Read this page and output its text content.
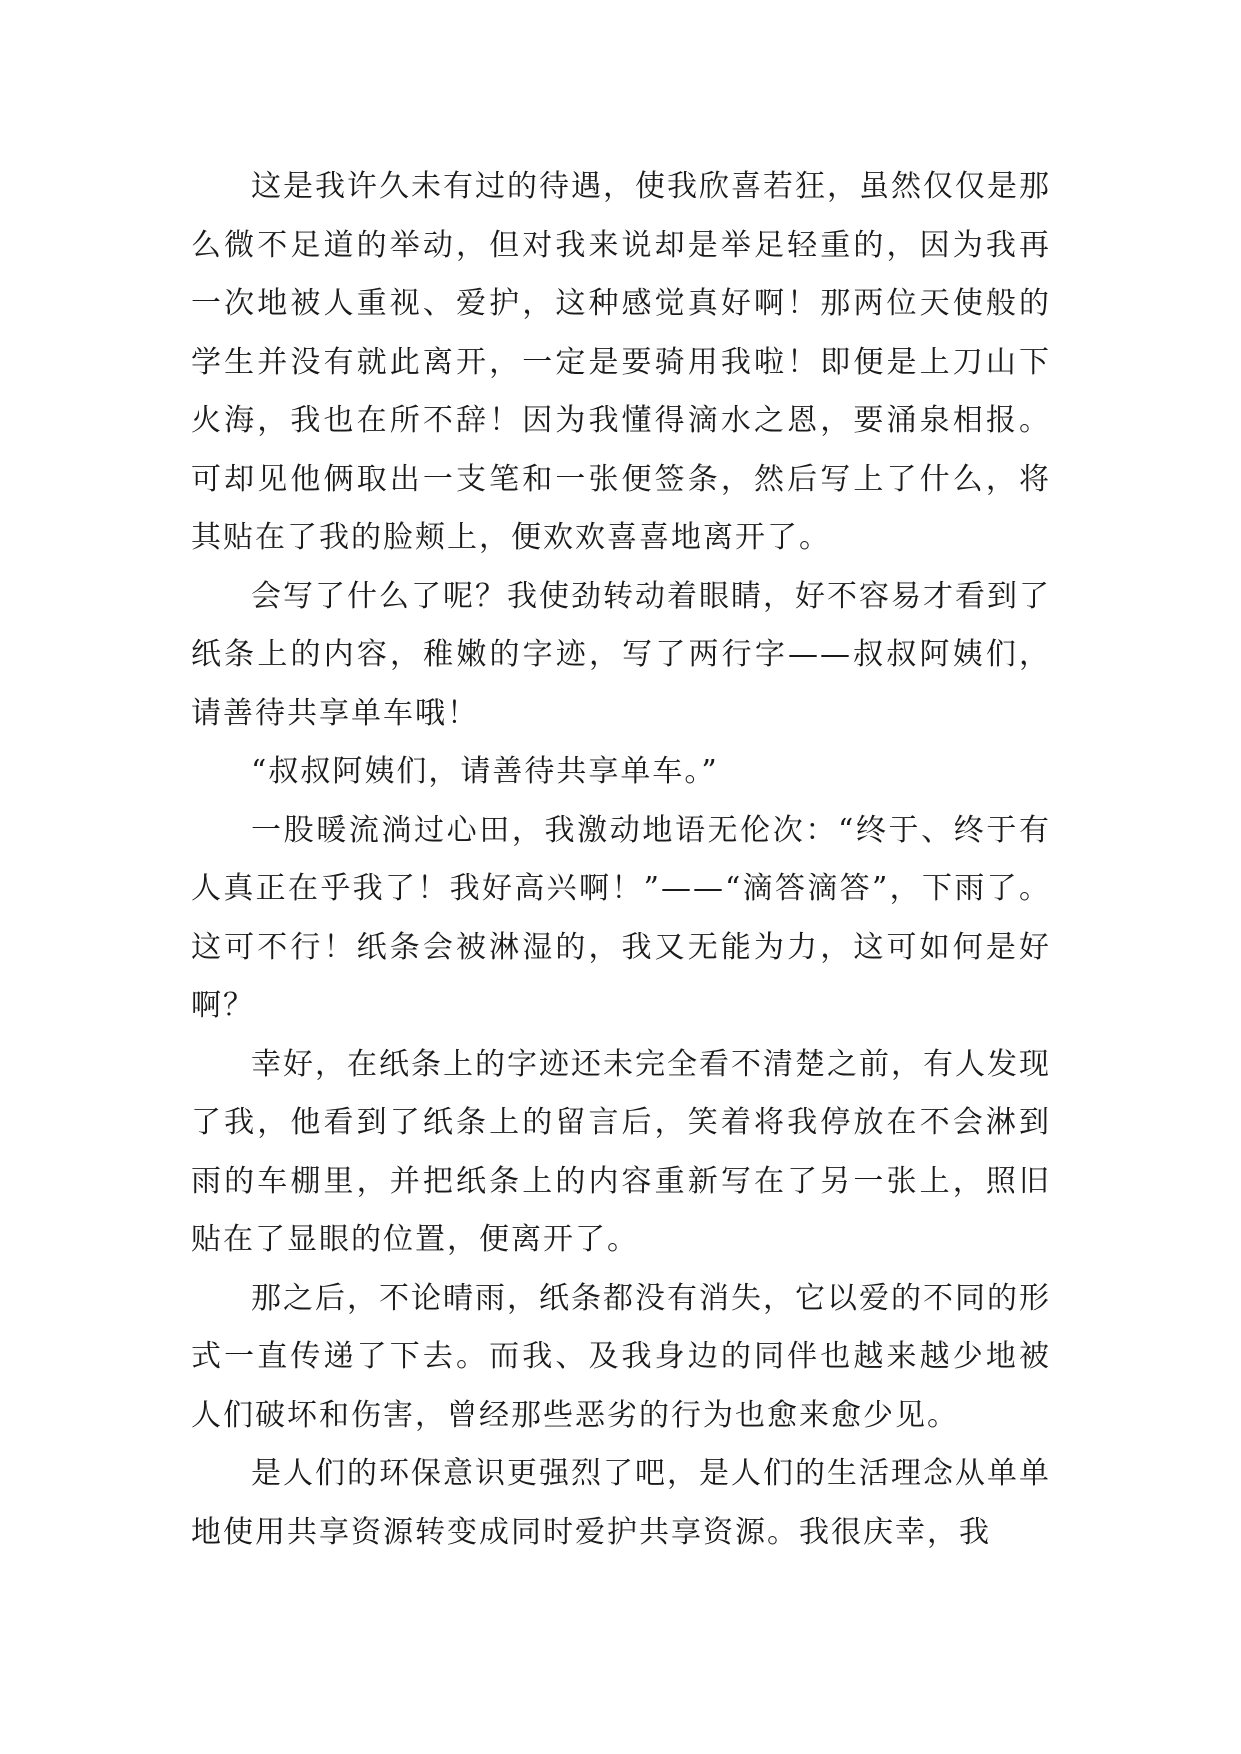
这是我许久未有过的待遇，使我欣喜若狂，虽然仅仅是那么微不足道的举动，但对我来说却是举足轻重的，因为我再一次地被人重视、爱护，这种感觉真好啊！那两位天使般的学生并没有就此离开，一定是要骑用我啦！即便是上刀山下火海，我也在所不辞！因为我懂得滴水之恩，要涌泉相报。可却见他俩取出一支笔和一张便签条，然后写上了什么，将其贴在了我的脸颊上，便欢欢喜喜地离开了。

会写了什么了呢？我使劲转动着眼睛，好不容易才看到了纸条上的内容，稚嫩的字迹，写了两行字——叔叔阿姨们，请善待共享单车哦！

“叔叔阿姨们，请善待共享单车。”

一股暖流淌过心田，我激动地语无伦次：“终于、终于有人真正在乎我了！我好高兴啊！”——“滴答滴答”，下雨了。这可不行！纸条会被淋湿的，我又无能为力，这可如何是好啊？

幸好，在纸条上的字迹还未完全看不清楚之前，有人发现了我，他看到了纸条上的留言后，笑着将我停放在不会淋到雨的车棚里，并把纸条上的内容重新写在了另一张上，照旧贴在了显眼的位置，便离开了。

那之后，不论晴雨，纸条都没有消失，它以爱的不同的形式一直传递了下去。而我、及我身边的同伴也越来越少地被人们破坏和伤害，曾经那些恶劣的行为也愈来愈少见。

是人们的环保意识更强烈了吧，是人们的生活理念从单单地使用共享资源转变成同时爱护共享资源。我很庆幸，我
